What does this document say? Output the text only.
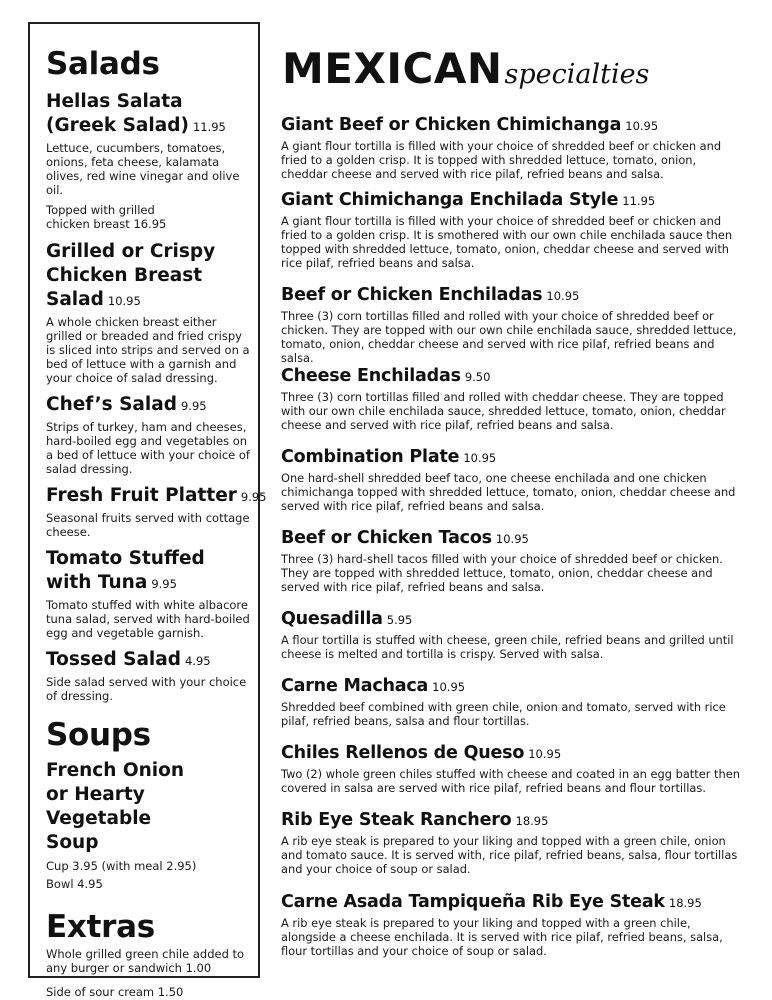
Salads
Hellas Salata
(Greek Salad) 11.95
Lettuce, cucumbers, tomatoes, onions, feta cheese, kalamata olives, red wine vinegar and olive oil.
Topped with grilled chicken breast 16.95
Grilled or Crispy
Chicken Breast
Salad 10.95
A whole chicken breast either grilled or breaded and fried crispy is sliced into strips and served on a bed of lettuce with a garnish and your choice of salad dressing.
Chef’s Salad 9.95
Strips of turkey, ham and cheeses, hard-boiled egg and vegetables on a bed of lettuce with your choice of salad dressing.
Fresh Fruit Platter 9.95
Seasonal fruits served with cottage cheese.
Tomato Stuffed
with Tuna 9.95
Tomato stuffed with white albacore tuna salad, served with hard-boiled egg and vegetable garnish.
Tossed Salad 4.95
Side salad served with your choice of dressing.
Soups
French Onion
or Hearty Vegetable
Soup
Cup 3.95 (with meal 2.95)
Bowl 4.95
Extras
Whole grilled green chile added to any burger or sandwich 1.00
Side of sour cream 1.50
MEXICANspecialties
Giant Beef or Chicken Chimichanga 10.95
A giant flour tortilla is filled with your choice of shredded beef or chicken and fried to a golden crisp. It is topped with shredded lettuce, tomato, onion, cheddar cheese and served with rice pilaf, refried beans and salsa.
Giant Chimichanga Enchilada Style 11.95
A giant flour tortilla is filled with your choice of shredded beef or chicken and fried to a golden crisp. It is smothered with our own chile enchilada sauce then topped with shredded lettuce, tomato, onion, cheddar cheese and served with rice pilaf, refried beans and salsa.
Beef or Chicken Enchiladas 10.95
Three (3) corn tortillas filled and rolled with your choice of shredded beef or chicken. They are topped with our own chile enchilada sauce, shredded lettuce, tomato, onion, cheddar cheese and served with rice pilaf, refried beans and salsa.
Cheese Enchiladas 9.50
Three (3) corn tortillas filled and rolled with cheddar cheese. They are topped with our own chile enchilada sauce, shredded lettuce, tomato, onion, cheddar cheese and served with rice pilaf, refried beans and salsa.
Combination Plate 10.95
One hard-shell shredded beef taco, one cheese enchilada and one chicken chimichanga topped with shredded lettuce, tomato, onion, cheddar cheese and served with rice pilaf, refried beans and salsa.
Beef or Chicken Tacos 10.95
Three (3) hard-shell tacos filled with your choice of shredded beef or chicken. They are topped with shredded lettuce, tomato, onion, cheddar cheese and served with rice pilaf, refried beans and salsa.
Quesadilla 5.95
A flour tortilla is stuffed with cheese, green chile, refried beans and grilled until cheese is melted and tortilla is crispy. Served with salsa.
Carne Machaca 10.95
Shredded beef combined with green chile, onion and tomato, served with rice pilaf, refried beans, salsa and flour tortillas.
Chiles Rellenos de Queso 10.95
Two (2) whole green chiles stuffed with cheese and coated in an egg batter then covered in salsa are served with rice pilaf, refried beans and flour tortillas.
Rib Eye Steak Ranchero 18.95
A rib eye steak is prepared to your liking and topped with a green chile, onion and tomato sauce. It is served with, rice pilaf, refried beans, salsa, flour tortillas and your choice of soup or salad.
Carne Asada Tampiqueña Rib Eye Steak 18.95
A rib eye steak is prepared to your liking and topped with a green chile, alongside a cheese enchilada. It is served with rice pilaf, refried beans, salsa, flour tortillas and your choice of soup or salad.
